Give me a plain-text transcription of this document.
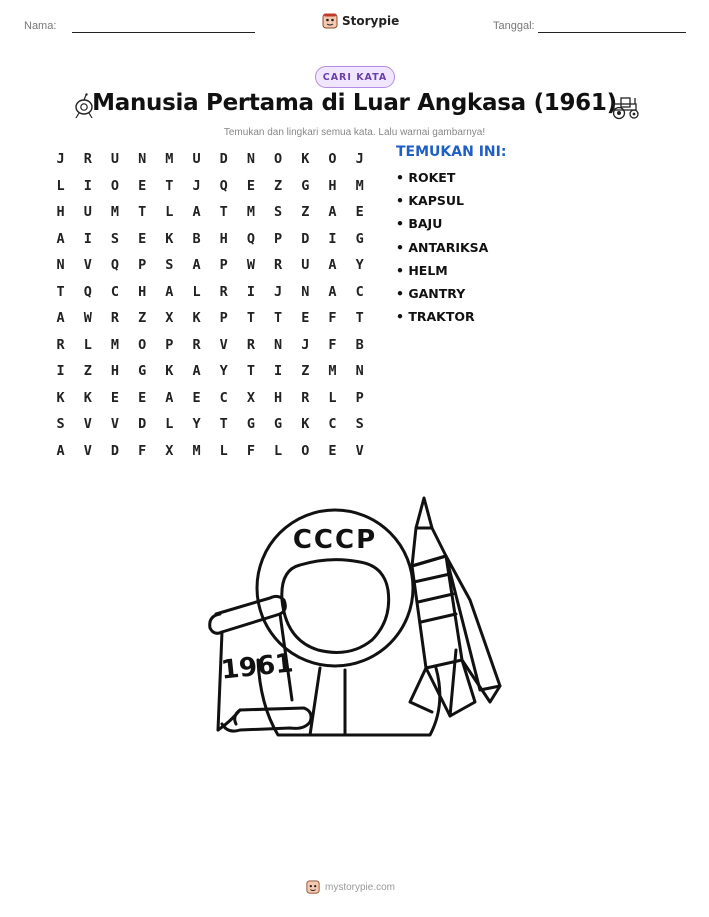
Nama:	Storypie	Tanggal:
CARI KATA
Manusia Pertama di Luar Angkasa (1961)
Temukan dan lingkari semua kata. Lalu warnai gambarnya!
J	R	U	N	M	U	D	N	O	K	O	J
L	I	O	E	T	J	Q	E	Z	G	H	M
H	U	M	T	L	A	T	M	S	Z	A	E
A	I	S	E	K	B	H	Q	P	D	I	G
N	V	Q	P	S	A	P	W	R	U	A	Y
T	Q	C	H	A	L	R	I	J	N	A	C
A	W	R	Z	X	K	P	T	T	E	F	T
R	L	M	O	P	R	V	R	N	J	F	B
I	Z	H	G	K	A	Y	T	I	Z	M	N
K	K	E	E	A	E	C	X	H	R	L	P
S	V	V	D	L	Y	T	G	G	K	C	S
A	V	D	F	X	M	L	F	L	O	E	V
TEMUKAN INI:
• ROKET
• KAPSUL
• BAJU
• ANTARIKSA
• HELM
• GANTRY
• TRAKTOR
CCCP
1961
mystorypie.com
